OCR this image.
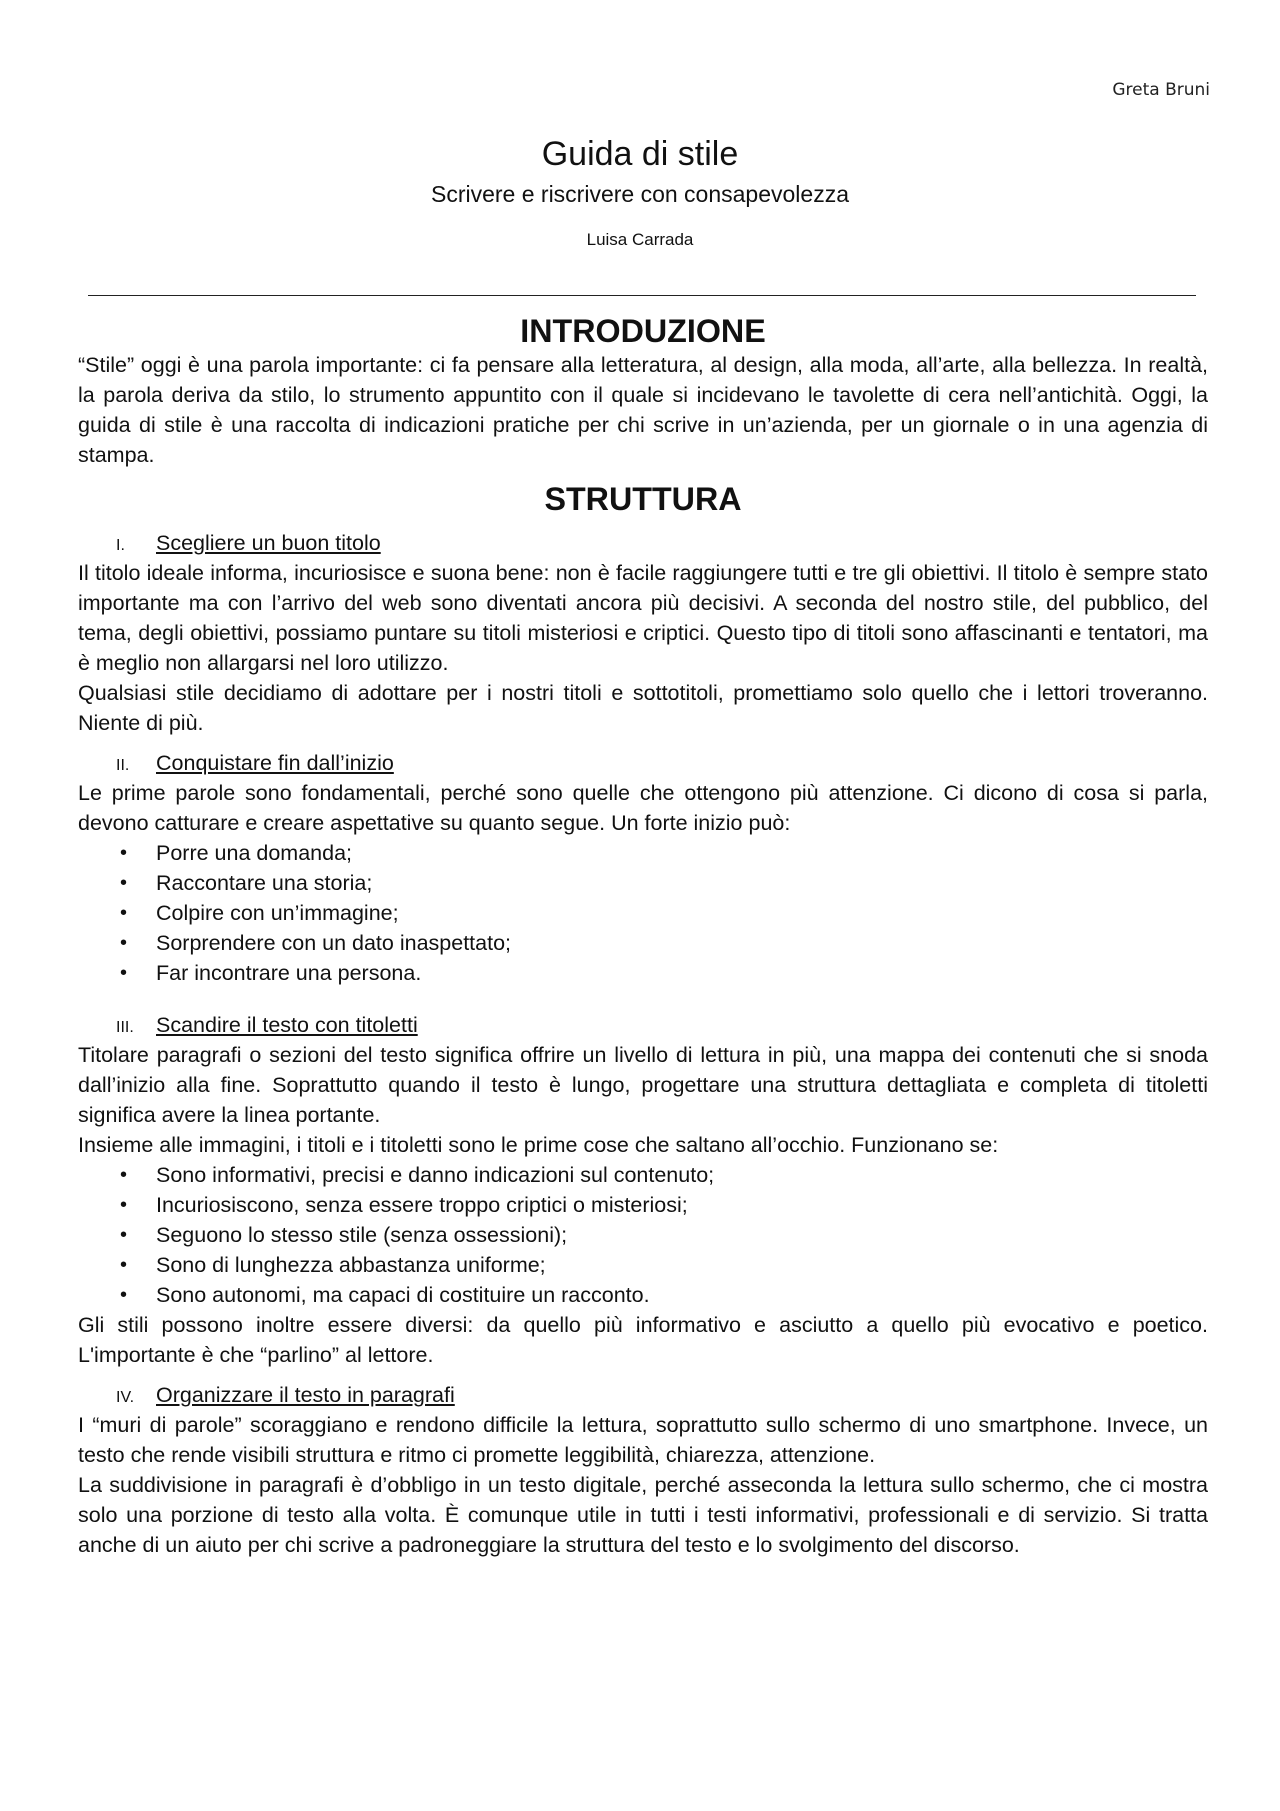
Greta Bruni
Guida di stile
Scrivere e riscrivere con consapevolezza
Luisa Carrada
INTRODUZIONE

“Stile” oggi è una parola importante: ci fa pensare alla letteratura, al design, alla moda, all’arte, alla bellezza. In realtà, la parola deriva da stilo, lo strumento appuntito con il quale si incidevano le tavolette di cera nell’antichità. Oggi, la guida di stile è una raccolta di indicazioni pratiche per chi scrive in un’azienda, per un giornale o in una agenzia di stampa.

STRUTTURA
I. Scegliere un buon titolo

Il titolo ideale informa, incuriosisce e suona bene: non è facile raggiungere tutti e tre gli obiettivi. Il titolo è sempre stato importante ma con l’arrivo del web sono diventati ancora più decisivi. A seconda del nostro stile, del pubblico, del tema, degli obiettivi, possiamo puntare su titoli misteriosi e criptici. Questo tipo di titoli sono affascinanti e tentatori, ma è meglio non allargarsi nel loro utilizzo.

Qualsiasi stile decidiamo di adottare per i nostri titoli e sottotitoli, promettiamo solo quello che i lettori troveranno. Niente di più.

II. Conquistare fin dall’inizio

Le prime parole sono fondamentali, perché sono quelle che ottengono più attenzione. Ci dicono di cosa si parla, devono catturare e creare aspettative su quanto segue. Un forte inizio può:

• Porre una domanda;
• Raccontare una storia;
• Colpire con un’immagine;
• Sorprendere con un dato inaspettato;
• Far incontrare una persona.
III. Scandire il testo con titoletti

Titolare paragrafi o sezioni del testo significa offrire un livello di lettura in più, una mappa dei contenuti che si snoda dall’inizio alla fine. Soprattutto quando il testo è lungo, progettare una struttura dettagliata e completa di titoletti significa avere la linea portante.

Insieme alle immagini, i titoli e i titoletti sono le prime cose che saltano all’occhio. Funzionano se:

• Sono informativi, precisi e danno indicazioni sul contenuto;
• Incuriosiscono, senza essere troppo criptici o misteriosi;
• Seguono lo stesso stile (senza ossessioni);
• Sono di lunghezza abbastanza uniforme;
• Sono autonomi, ma capaci di costituire un racconto.

Gli stili possono inoltre essere diversi: da quello più informativo e asciutto a quello più evocativo e poetico. L'importante è che “parlino” al lettore.

IV. Organizzare il testo in paragrafi

I “muri di parole” scoraggiano e rendono difficile la lettura, soprattutto sullo schermo di uno smartphone. Invece, un testo che rende visibili struttura e ritmo ci promette leggibilità, chiarezza, attenzione.

La suddivisione in paragrafi è d’obbligo in un testo digitale, perché asseconda la lettura sullo schermo, che ci mostra solo una porzione di testo alla volta. È comunque utile in tutti i testi informativi, professionali e di servizio. Si tratta anche di un aiuto per chi scrive a padroneggiare la struttura del testo e lo svolgimento del discorso.
